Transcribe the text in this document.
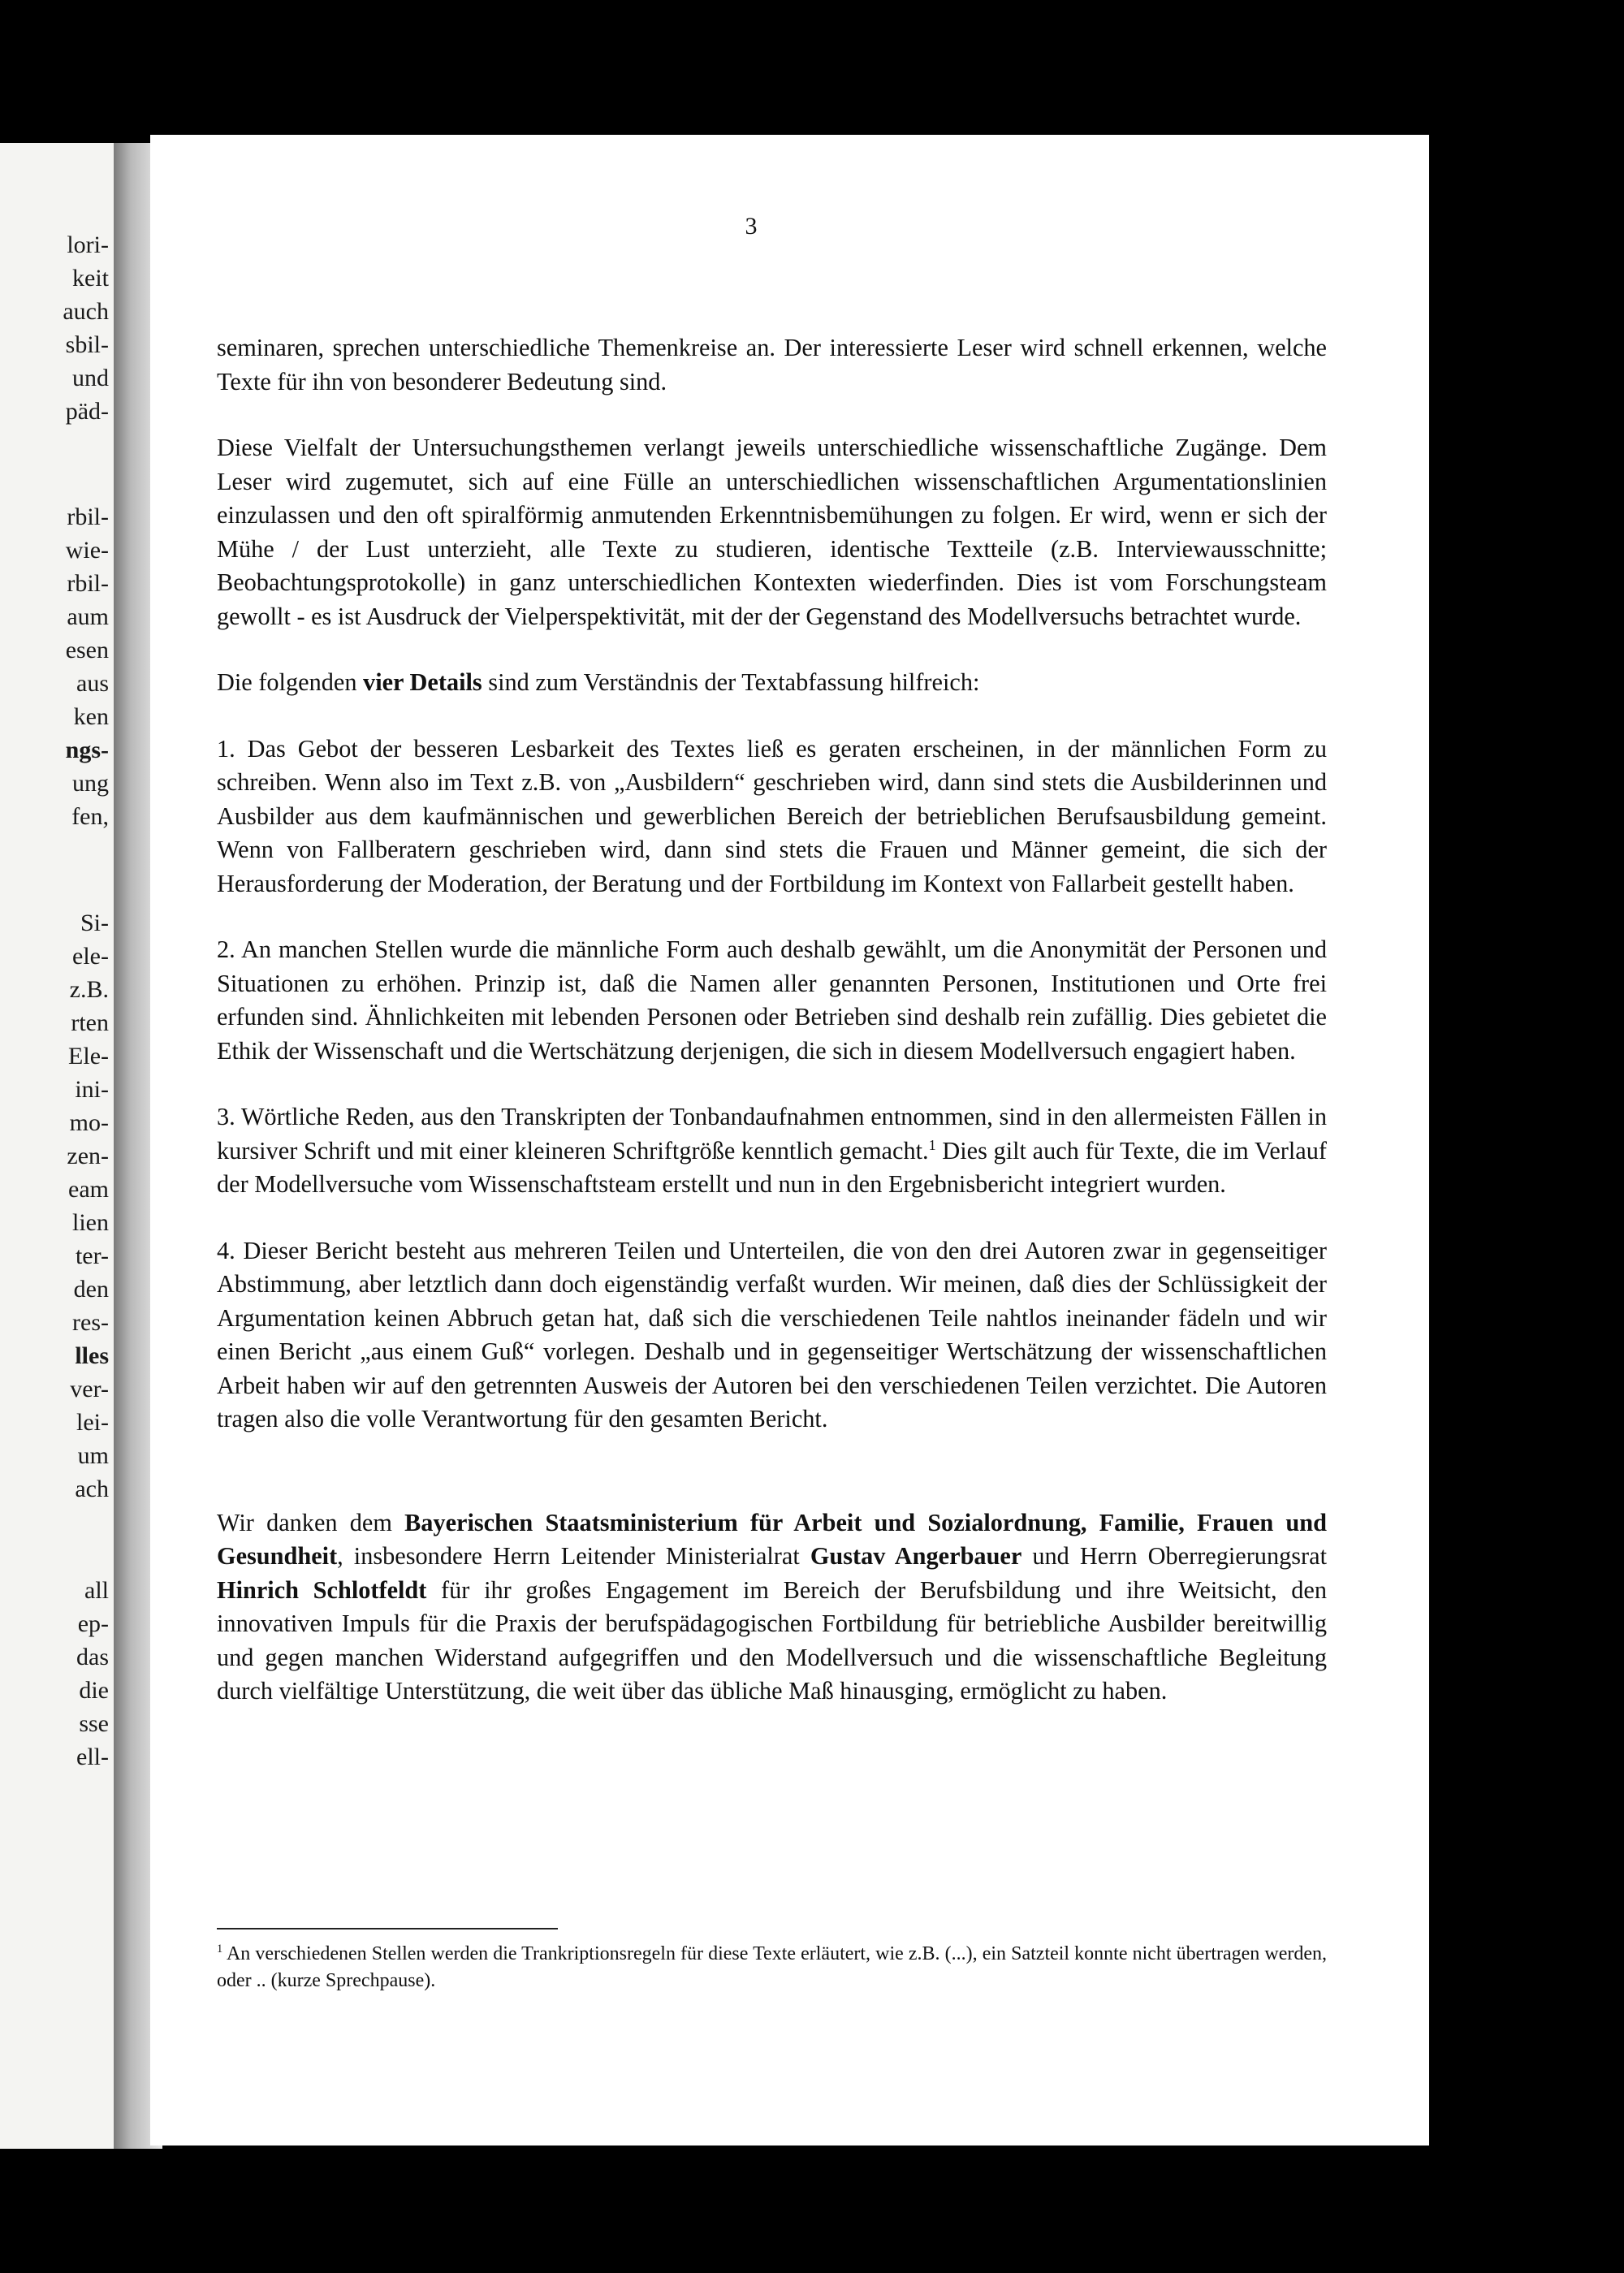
lori-
keit
auch
sbil-
und
päd-
rbil-
wie-
rbil-
aum
esen
aus
ken
ngs-
ung
fen,
Si-
ele-
z.B.
rten
Ele-
ini-
mo-
zen-
eam
lien
ter-
den
res-
lles
ver-
lei-
um
ach
all
ep-
das
die
sse
ell-
3

seminaren, sprechen unterschiedliche Themenkreise an. Der interessierte Leser wird schnell erkennen, welche Texte für ihn von besonderer Bedeutung sind.

Diese Vielfalt der Untersuchungsthemen verlangt jeweils unterschiedliche wissenschaftliche Zugänge. Dem Leser wird zugemutet, sich auf eine Fülle an unterschiedlichen wissenschaftlichen Argumentationslinien einzulassen und den oft spiralförmig anmutenden Erkenntnisbemühungen zu folgen. Er wird, wenn er sich der Mühe / der Lust unterzieht, alle Texte zu studieren, identische Textteile (z.B. Interviewausschnitte; Beobachtungsprotokolle) in ganz unterschiedlichen Kontexten wiederfinden. Dies ist vom Forschungsteam gewollt - es ist Ausdruck der Vielperspektivität, mit der der Gegenstand des Modellversuchs betrachtet wurde.

Die folgenden vier Details sind zum Verständnis der Textabfassung hilfreich:

1. Das Gebot der besseren Lesbarkeit des Textes ließ es geraten erscheinen, in der männlichen Form zu schreiben. Wenn also im Text z.B. von „Ausbildern“ geschrieben wird, dann sind stets die Ausbilderinnen und Ausbilder aus dem kaufmännischen und gewerblichen Bereich der betrieblichen Berufsausbildung gemeint. Wenn von Fallberatern geschrieben wird, dann sind stets die Frauen und Männer gemeint, die sich der Herausforderung der Moderation, der Beratung und der Fortbildung im Kontext von Fallarbeit gestellt haben.

2. An manchen Stellen wurde die männliche Form auch deshalb gewählt, um die Anonymität der Personen und Situationen zu erhöhen. Prinzip ist, daß die Namen aller genannten Personen, Institutionen und Orte frei erfunden sind. Ähnlichkeiten mit lebenden Personen oder Betrieben sind deshalb rein zufällig. Dies gebietet die Ethik der Wissenschaft und die Wertschätzung derjenigen, die sich in diesem Modellversuch engagiert haben.

3. Wörtliche Reden, aus den Transkripten der Tonbandaufnahmen entnommen, sind in den allermeisten Fällen in kursiver Schrift und mit einer kleineren Schriftgröße kenntlich gemacht.$^1$ Dies gilt auch für Texte, die im Verlauf der Modellversuche vom Wissenschaftsteam erstellt und nun in den Ergebnisbericht integriert wurden.

4. Dieser Bericht besteht aus mehreren Teilen und Unterteilen, die von den drei Autoren zwar in gegenseitiger Abstimmung, aber letztlich dann doch eigenständig verfaßt wurden. Wir meinen, daß dies der Schlüssigkeit der Argumentation keinen Abbruch getan hat, daß sich die verschiedenen Teile nahtlos ineinander fädeln und wir einen Bericht „aus einem Guß“ vorlegen. Deshalb und in gegenseitiger Wertschätzung der wissenschaftlichen Arbeit haben wir auf den getrennten Ausweis der Autoren bei den verschiedenen Teilen verzichtet. Die Autoren tragen also die volle Verantwortung für den gesamten Bericht.

Wir danken dem Bayerischen Staatsministerium für Arbeit und Sozialordnung, Familie, Frauen und Gesundheit, insbesondere Herrn Leitender Ministerialrat Gustav Angerbauer und Herrn Oberregierungsrat Hinrich Schlotfeldt für ihr großes Engagement im Bereich der Berufsbildung und ihre Weitsicht, den innovativen Impuls für die Praxis der berufspädagogischen Fortbildung für betriebliche Ausbilder bereitwillig und gegen manchen Widerstand aufgegriffen und den Modellversuch und die wissenschaftliche Begleitung durch vielfältige Unterstützung, die weit über das übliche Maß hinausging, ermöglicht zu haben.

$^1$ An verschiedenen Stellen werden die Trankriptionsregeln für diese Texte erläutert, wie z.B. (...), ein Satzteil konnte nicht übertragen werden, oder .. (kurze Sprechpause).
